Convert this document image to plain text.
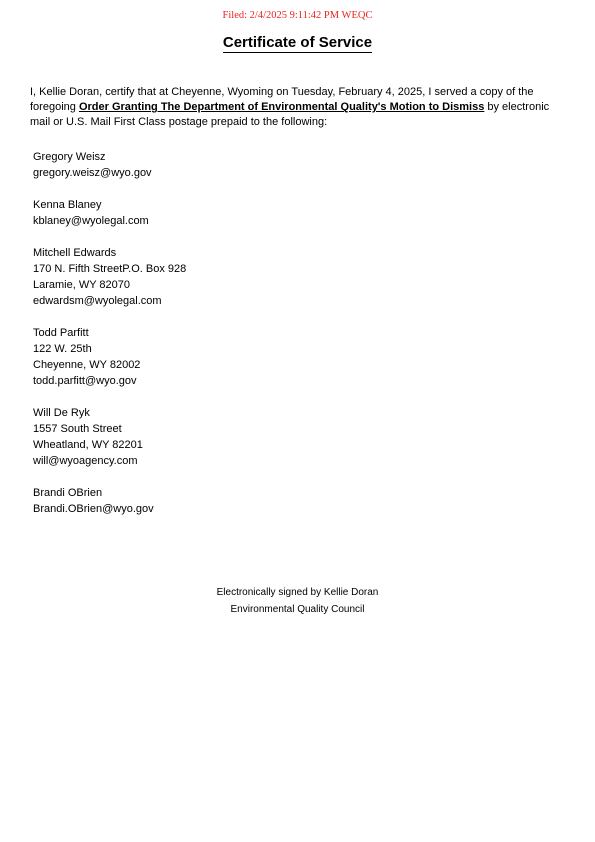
Filed: 2/4/2025 9:11:42 PM WEQC
Certificate of Service
I, Kellie Doran, certify that at Cheyenne, Wyoming on Tuesday, February 4, 2025, I served a copy of the foregoing Order Granting The Department of Environmental Quality's Motion to Dismiss by electronic mail or U.S. Mail First Class postage prepaid to the following:
Gregory Weisz
gregory.weisz@wyo.gov
Kenna Blaney
kblaney@wyolegal.com
Mitchell Edwards
170 N. Fifth StreetP.O. Box 928
Laramie, WY 82070
edwardsm@wyolegal.com
Todd Parfitt
122 W. 25th
Cheyenne, WY 82002
todd.parfitt@wyo.gov
Will De Ryk
1557 South Street
Wheatland, WY 82201
will@wyoagency.com
Brandi OBrien
Brandi.OBrien@wyo.gov
Electronically signed by Kellie Doran
Environmental Quality Council
